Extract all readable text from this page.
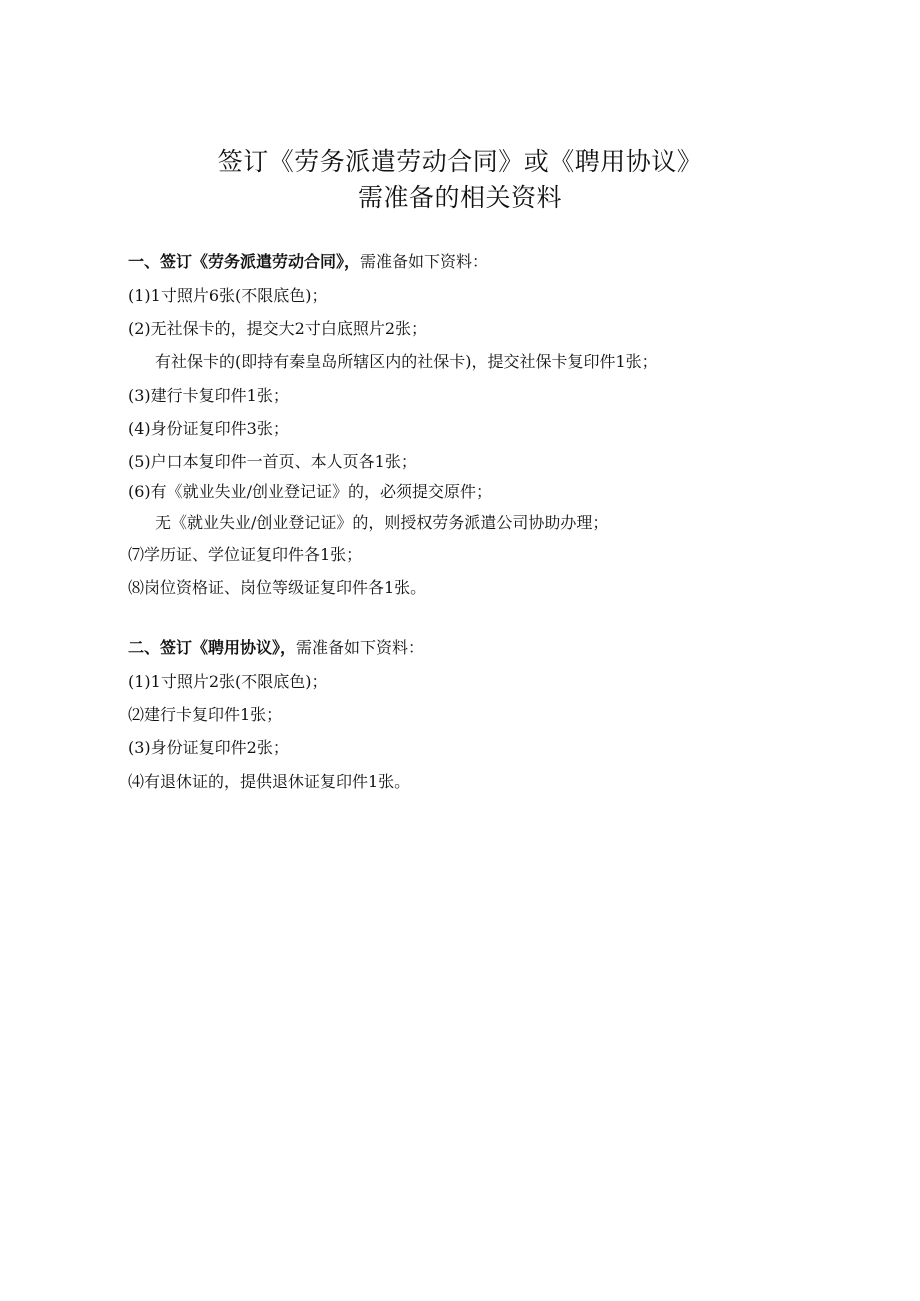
签订《劳务派遣劳动合同》或《聘用协议》
需准备的相关资料
一、签订《劳务派遣劳动合同》，需准备如下资料：
(1)1寸照片6张(不限底色)；
(2)无社保卡的，提交大2寸白底照片2张；
有社保卡的(即持有秦皇岛所辖区内的社保卡)，提交社保卡复印件1张；
(3)建行卡复印件1张；
(4)身份证复印件3张；
(5)户口本复印件一首页、本人页各1张；
(6)有《就业失业/创业登记证》的，必须提交原件；
无《就业失业/创业登记证》的，则授权劳务派遣公司协助办理；
⑺学历证、学位证复印件各1张；
⑻岗位资格证、岗位等级证复印件各1张。
二、签订《聘用协议》，需准备如下资料：
(1)1寸照片2张(不限底色)；
⑵建行卡复印件1张；
(3)身份证复印件2张；
⑷有退休证的，提供退休证复印件1张。
